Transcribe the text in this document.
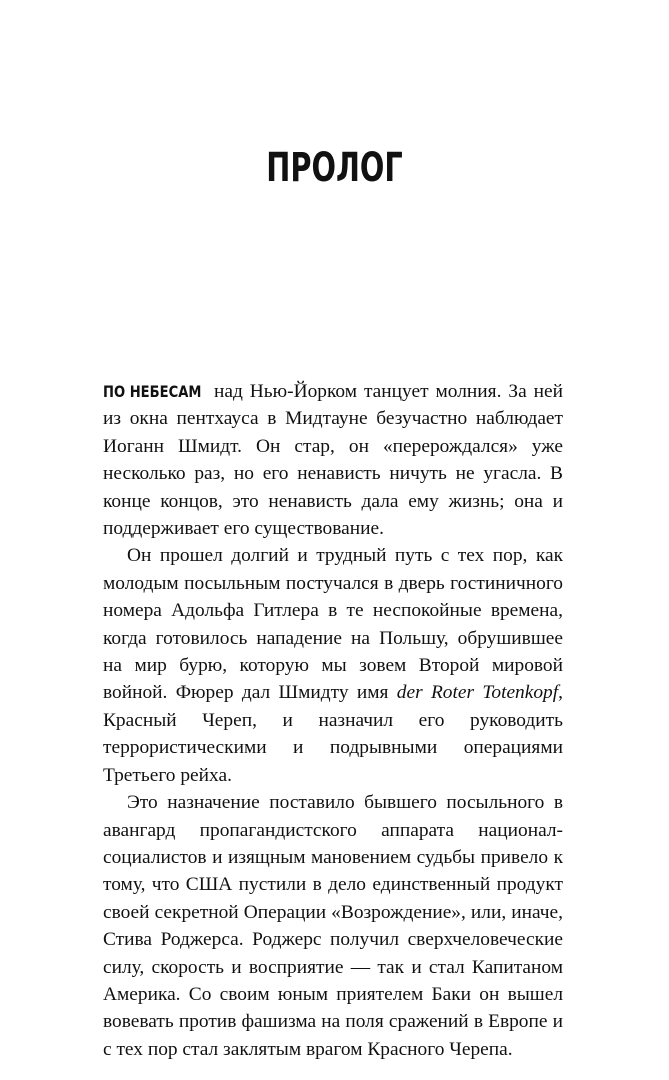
ПРОЛОГ

ПО НЕБЕСАМ над Нью-Йорком танцует молния. За ней из окна пентхауса в Мидтауне безучастно наблюдает Иоганн Шмидт. Он стар, он «перерождался» уже несколько раз, но его ненависть ничуть не угасла. В конце концов, это ненависть дала ему жизнь; она и поддерживает его существование.

Он прошел долгий и трудный путь с тех пор, как молодым посыльным постучался в дверь гостиничного номера Адольфа Гитлера в те неспокойные времена, когда готовилось нападение на Польшу, обрушившее на мир бурю, которую мы зовем Второй мировой войной. Фюрер дал Шмидту имя der Roter Totenkopf, Красный Череп, и назначил его руководить террористическими и подрывными операциями Третьего рейха.

Это назначение поставило бывшего посыльного в авангард пропагандистского аппарата национал-социалистов и изящным мановением судьбы привело к тому, что США пустили в дело единственный продукт своей секретной Операции «Возрождение», или, иначе, Стива Роджерса. Роджерс получил сверхчеловеческие силу, скорость и восприятие — так и стал Капитаном Америка. Со своим юным приятелем Баки он вышел вовевать против фашизма на поля сражений в Европе и с тех пор стал заклятым врагом Красного Черепа.
